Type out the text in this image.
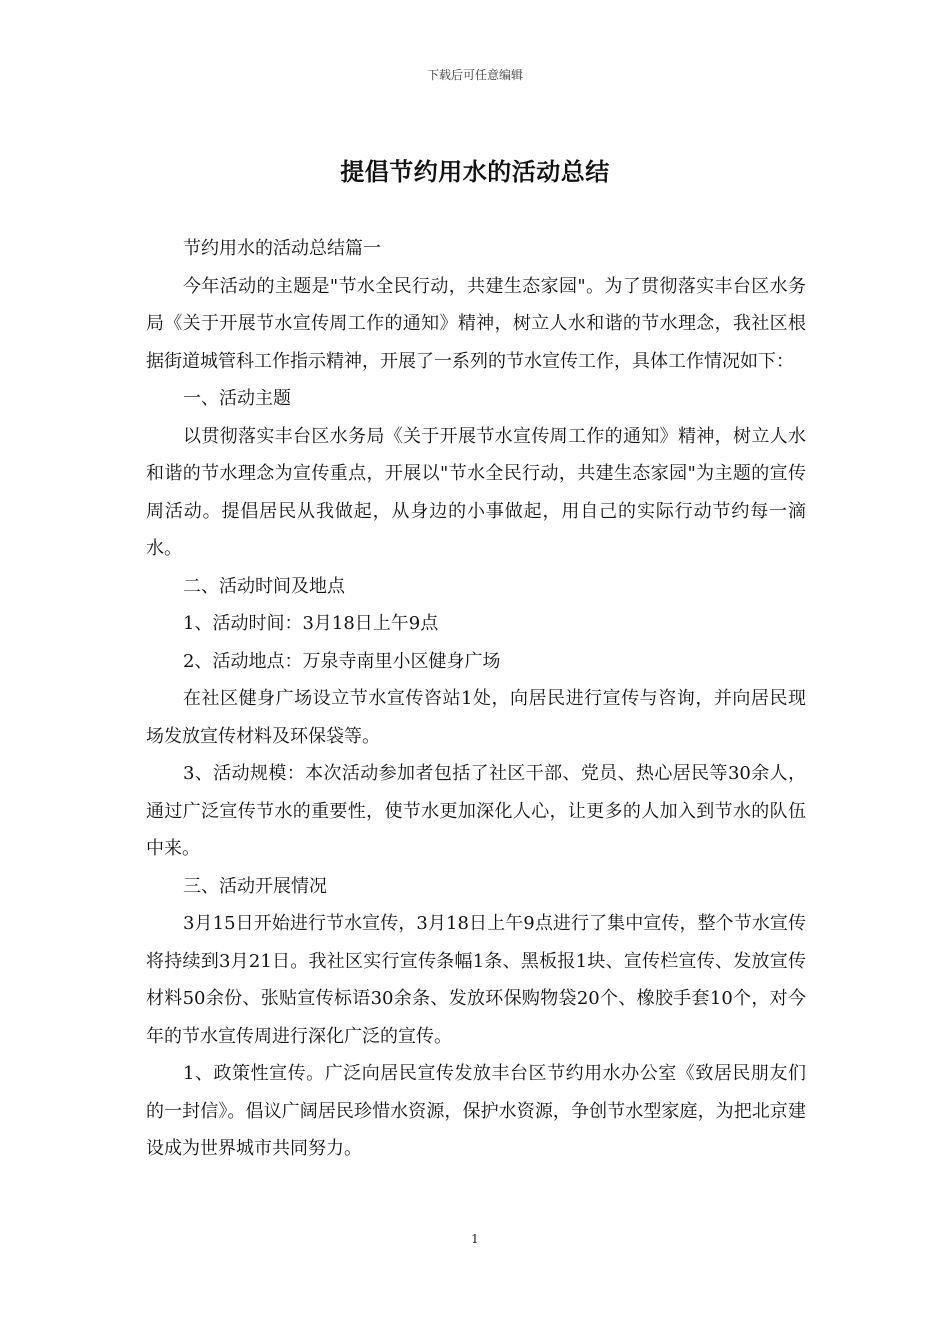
下载后可任意编辑
提倡节约用水的活动总结

节约用水的活动总结篇一

今年活动的主题是"节水全民行动，共建生态家园"。为了贯彻落实丰台区水务局《关于开展节水宣传周工作的通知》精神，树立人水和谐的节水理念，我社区根据街道城管科工作指示精神，开展了一系列的节水宣传工作，具体工作情况如下：

一、活动主题

以贯彻落实丰台区水务局《关于开展节水宣传周工作的通知》精神，树立人水和谐的节水理念为宣传重点，开展以"节水全民行动，共建生态家园"为主题的宣传周活动。提倡居民从我做起，从身边的小事做起，用自己的实际行动节约每一滴水。

二、活动时间及地点

1、活动时间：3月18日上午9点

2、活动地点：万泉寺南里小区健身广场

在社区健身广场设立节水宣传咨站1处，向居民进行宣传与咨询，并向居民现场发放宣传材料及环保袋等。

3、活动规模：本次活动参加者包括了社区干部、党员、热心居民等30余人，通过广泛宣传节水的重要性，使节水更加深化人心，让更多的人加入到节水的队伍中来。

三、活动开展情况

3月15日开始进行节水宣传，3月18日上午9点进行了集中宣传，整个节水宣传将持续到3月21日。我社区实行宣传条幅1条、黑板报1块、宣传栏宣传、发放宣传材料50余份、张贴宣传标语30余条、发放环保购物袋20个、橡胶手套10个，对今年的节水宣传周进行深化广泛的宣传。

1、政策性宣传。广泛向居民宣传发放丰台区节约用水办公室《致居民朋友们的一封信》。倡议广阔居民珍惜水资源，保护水资源，争创节水型家庭，为把北京建设成为世界城市共同努力。

1
